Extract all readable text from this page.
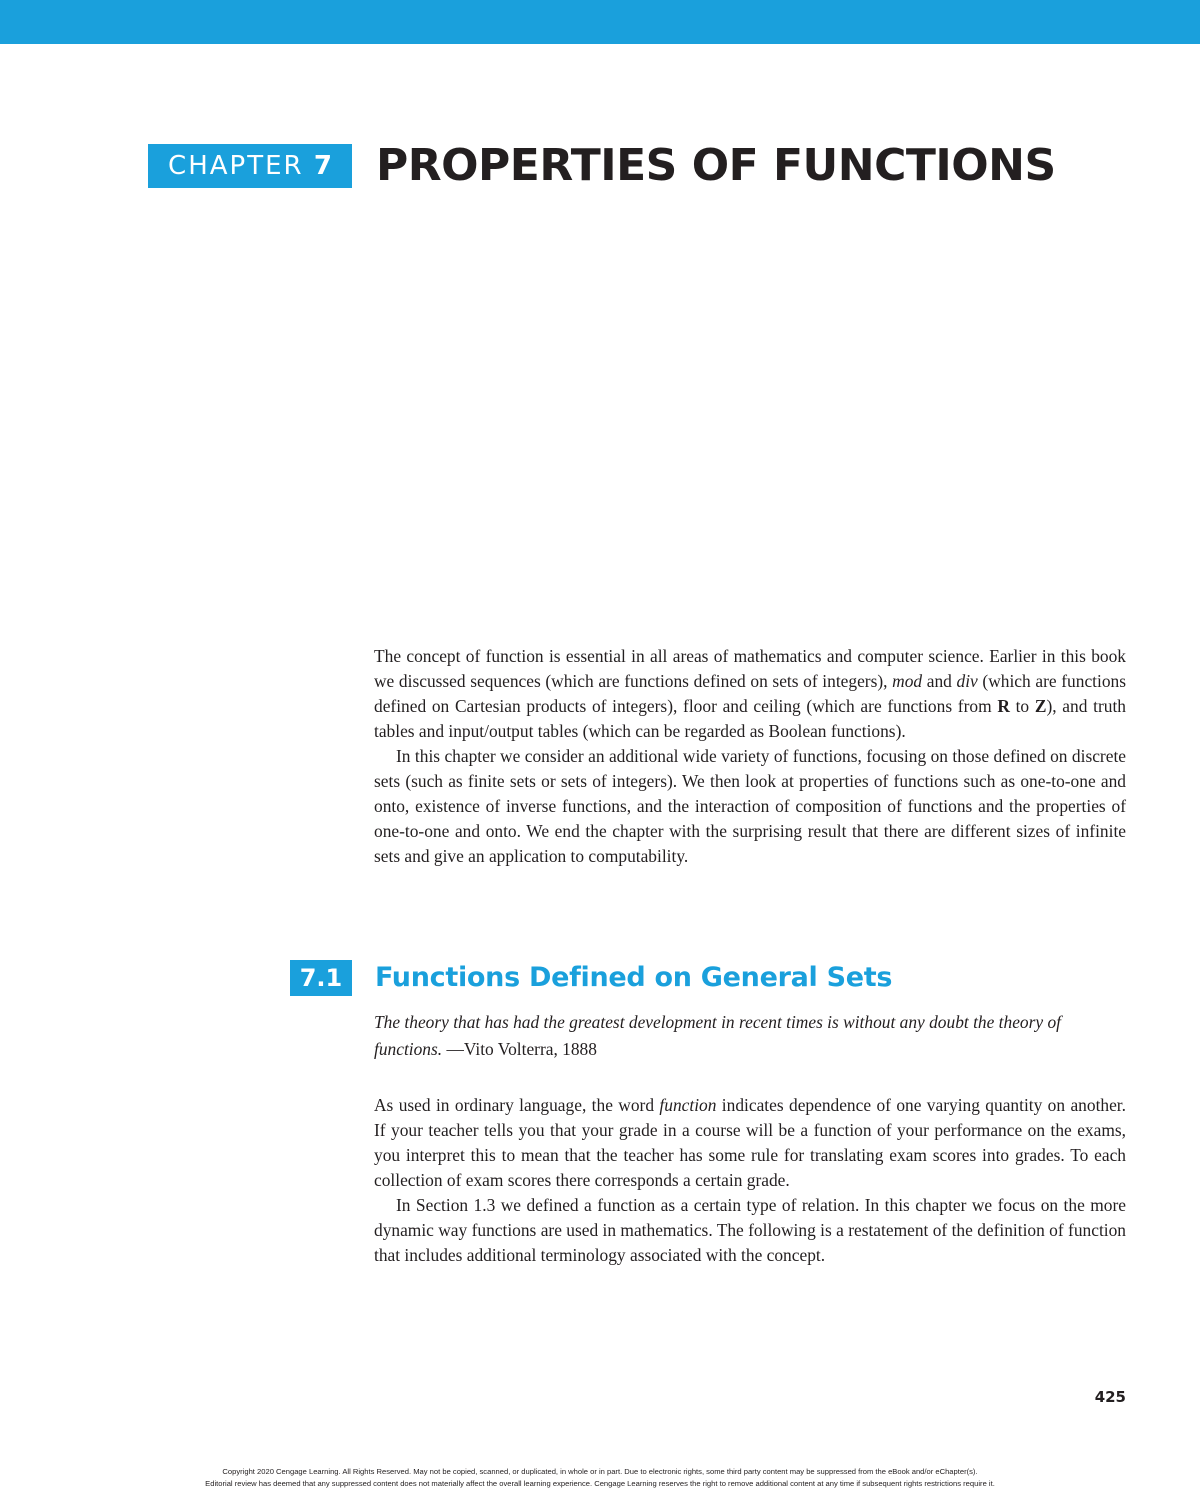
CHAPTER 7	PROPERTIES OF FUNCTIONS

The concept of function is essential in all areas of mathematics and computer science. Earlier in this book we discussed sequences (which are functions defined on sets of integers), mod and div (which are functions defined on Cartesian products of integers), floor and ceiling (which are functions from R to Z), and truth tables and input/output tables (which can be regarded as Boolean functions).

In this chapter we consider an additional wide variety of functions, focusing on those defined on discrete sets (such as finite sets or sets of integers). We then look at properties of functions such as one-to-one and onto, existence of inverse functions, and the interaction of composition of functions and the properties of one-to-one and onto. We end the chapter with the surprising result that there are different sizes of infinite sets and give an application to computability.

7.1	Functions Defined on General Sets
The theory that has had the greatest development in recent times is without any doubt the theory of functions. —Vito Volterra, 1888

As used in ordinary language, the word function indicates dependence of one varying quantity on another. If your teacher tells you that your grade in a course will be a function of your performance on the exams, you interpret this to mean that the teacher has some rule for translating exam scores into grades. To each collection of exam scores there corresponds a certain grade.

In Section 1.3 we defined a function as a certain type of relation. In this chapter we focus on the more dynamic way functions are used in mathematics. The following is a restatement of the definition of function that includes additional terminology associated with the concept.

425
Copyright 2020 Cengage Learning. All Rights Reserved. May not be copied, scanned, or duplicated, in whole or in part. Due to electronic rights, some third party content may be suppressed from the eBook and/or eChapter(s).
Editorial review has deemed that any suppressed content does not materially affect the overall learning experience. Cengage Learning reserves the right to remove additional content at any time if subsequent rights restrictions require it.
